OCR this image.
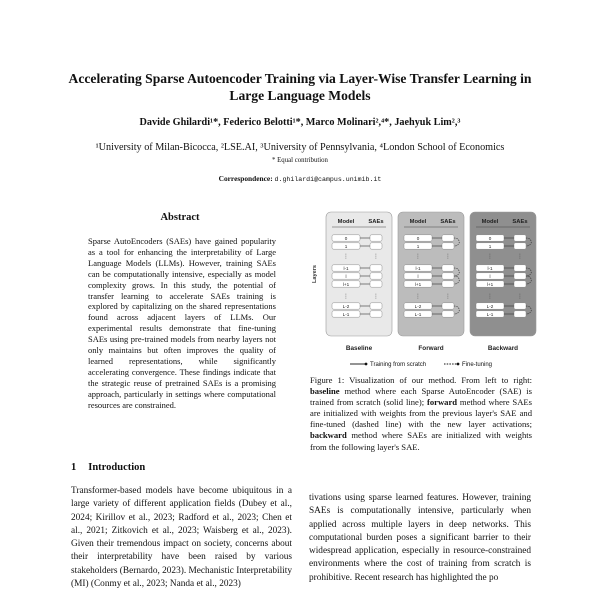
Accelerating Sparse Autoencoder Training via Layer-Wise Transfer Learning in Large Language Models
Davide Ghilardi¹*, Federico Belotti¹*, Marco Molinari²,⁴*, Jaehyuk Lim²,³
¹University of Milan-Bicocca, ²LSE.AI, ³University of Pennsylvania, ⁴London School of Economics
* Equal contribution
Correspondence: d.ghilardi@campus.unimib.it
Abstract
Sparse AutoEncoders (SAEs) have gained popularity as a tool for enhancing the interpretability of Large Language Models (LLMs). However, training SAEs can be computationally intensive, especially as model complexity grows. In this study, the potential of transfer learning to accelerate SAEs training is explored by capitalizing on the shared representations found across adjacent layers of LLMs. Our experimental results demonstrate that fine-tuning SAEs using pre-trained models from nearby layers not only maintains but often improves the quality of learned representations, while significantly accelerating convergence. These findings indicate that the strategic reuse of pretrained SAEs is a promising approach, particularly in settings where computational resources are constrained.
1 Introduction
Transformer-based models have become ubiquitous in a large variety of different application fields (Dubey et al., 2024; Kirillov et al., 2023; Radford et al., 2023; Chen et al., 2021; Zitkovich et al., 2023; Waisberg et al., 2023). Given their tremendous impact on society, concerns about their interpretability have been raised by various stakeholders (Bernardo, 2023). Mechanistic Interpretability (MI) (Conmy et al., 2023; Nanda et al., 2023)
tivations using sparse learned features. However, training SAEs is computationally intensive, particularly when applied across multiple layers in deep networks. This computational burden poses a significant barrier to their widespread application, especially in resource-constrained environments where the cost of training from scratch is prohibitive. Recent research has highlighted the po
Layers
Model SAEs
0
1
l-1
l
l+1
L-2
L-1
⋮	⋮
⋮	⋮
Baseline
Model SAEs
0
1
l-1
l
l+1
L-2
L-1
⋮	⋮
⋮	⋮
Forward
Model SAEs
0
1
l-1
l
l+1
L-2
L-1
⋮	⋮
⋮	⋮
Backward
Training from scratch	Fine-tuning
Figure 1: Visualization of our method. From left to right: baseline method where each Sparse AutoEncoder (SAE) is trained from scratch (solid line); forward method where SAEs are initialized with weights from the previous layer's SAE and fine-tuned (dashed line) with the new layer activations; backward method where SAEs are initialized with weights from the following layer's SAE.
